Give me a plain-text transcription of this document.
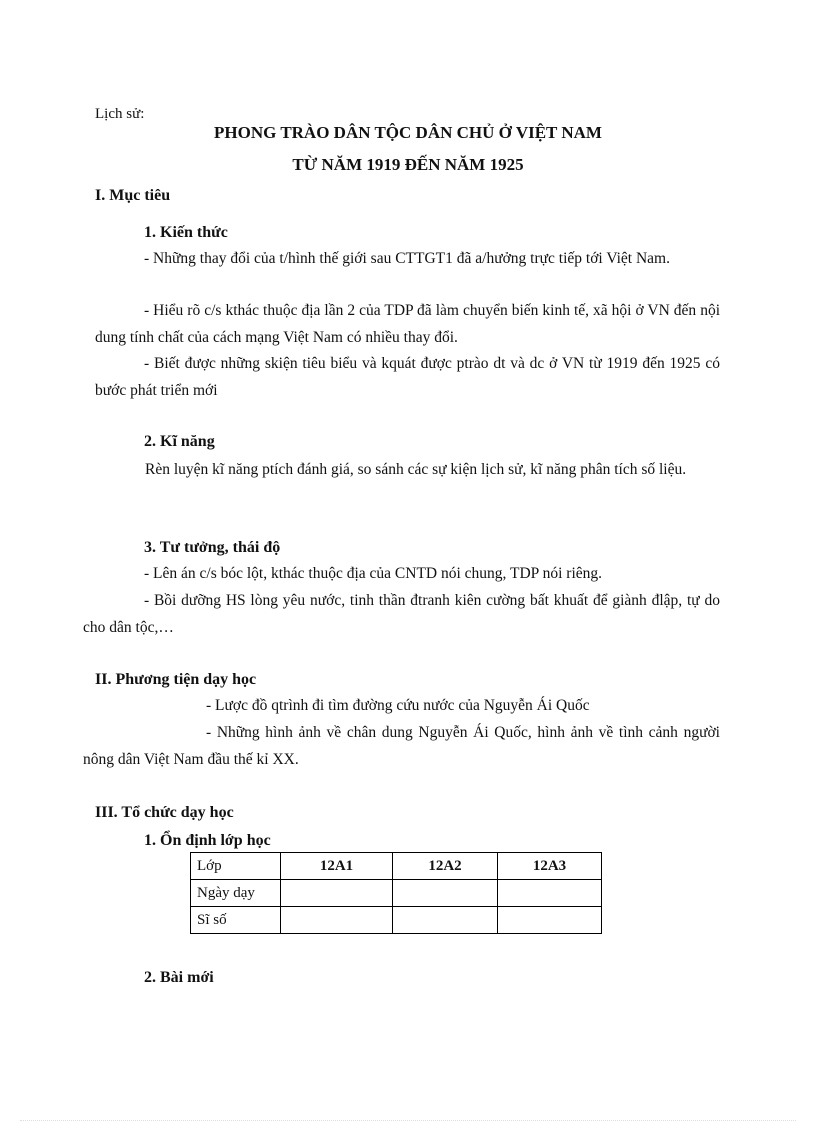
Lịch sử:
PHONG TRÀO DÂN TỘC DÂN CHỦ Ở VIỆT NAM
TỪ NĂM 1919 ĐẾN NĂM 1925
I. Mục tiêu
1. Kiến thức
- Những thay đổi của t/hình thế giới sau CTTGT1 đã a/hưởng trực tiếp tới Việt Nam.
- Hiểu rõ c/s kthác thuộc địa lần 2 của TDP đã làm chuyển biến kinh tế, xã hội ở VN đến nội dung tính chất của cách mạng Việt Nam có nhiều thay đổi.
- Biết được những skiện tiêu biểu và kquát được ptrào dt và dc ở VN từ 1919 đến 1925 có bước phát triển mới
2. Kĩ năng
Rèn luyện kĩ năng ptích đánh giá, so sánh các sự kiện lịch sử, kĩ năng phân tích số liệu.
3. Tư tưởng, thái độ
- Lên án c/s bóc lột, kthác thuộc địa của CNTD nói chung, TDP nói riêng.
- Bồi dưỡng HS lòng yêu nước, tinh thần đtranh kiên cường bất khuất để giành đlập, tự do cho dân tộc,…
II. Phương tiện dạy học
- Lược đồ qtrình đi tìm đường cứu nước của Nguyễn Ái Quốc
- Những hình ảnh về chân dung Nguyễn Ái Quốc, hình ảnh về tình cảnh người nông dân Việt Nam đầu thế kỉ XX.
III. Tổ chức dạy học
1. Ổn định lớp học
Lớp	12A1	12A2	12A3
Ngày dạy			
Sĩ số			
2. Bài mới
